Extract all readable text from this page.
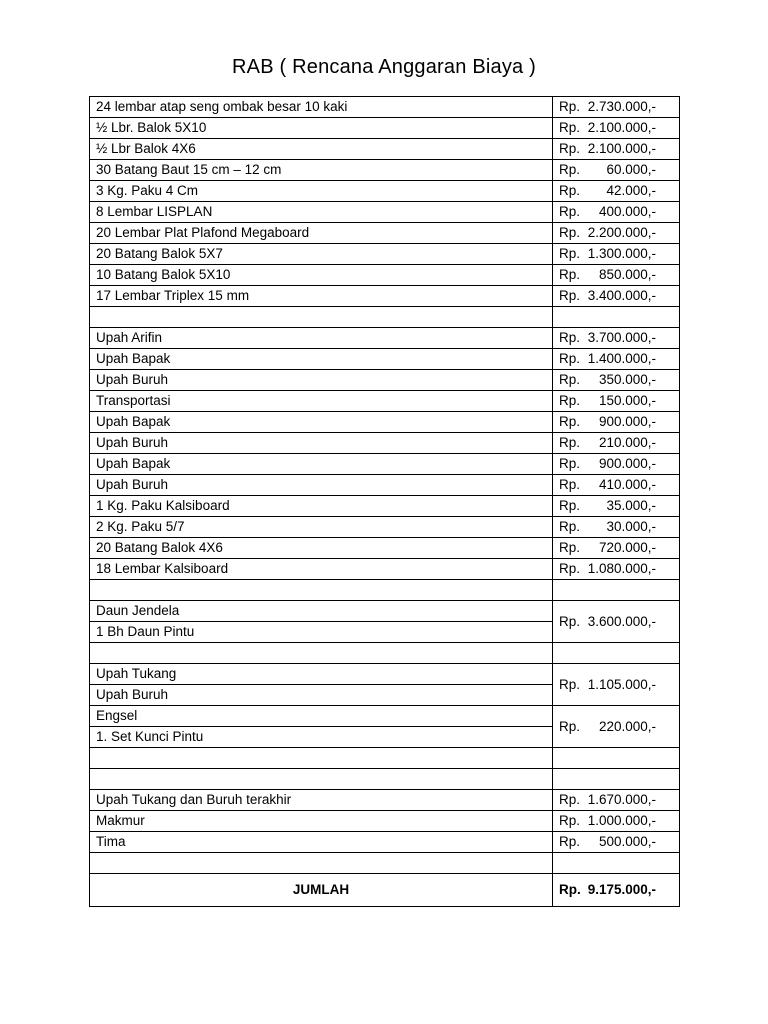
RAB ( Rencana Anggaran Biaya )
24 lembar atap seng ombak besar 10 kaki	Rp. 2.730.000,-
½ Lbr. Balok 5X10	Rp. 2.100.000,-
½ Lbr Balok 4X6	Rp. 2.100.000,-
30 Batang Baut 15 cm – 12 cm	Rp. 60.000,-
3 Kg. Paku 4 Cm	Rp. 42.000,-
8 Lembar LISPLAN	Rp. 400.000,-
20 Lembar Plat Plafond Megaboard	Rp. 2.200.000,-
20 Batang Balok 5X7	Rp. 1.300.000,-
10 Batang Balok 5X10	Rp. 850.000,-
17 Lembar Triplex 15 mm	Rp. 3.400.000,-

Upah Arifin	Rp. 3.700.000,-
Upah Bapak	Rp. 1.400.000,-
Upah Buruh	Rp. 350.000,-
Transportasi	Rp. 150.000,-
Upah Bapak	Rp. 900.000,-
Upah Buruh	Rp. 210.000,-
Upah Bapak	Rp. 900.000,-
Upah Buruh	Rp. 410.000,-
1 Kg. Paku Kalsiboard	Rp. 35.000,-
2 Kg. Paku 5/7	Rp. 30.000,-
20 Batang Balok 4X6	Rp. 720.000,-
18 Lembar Kalsiboard	Rp. 1.080.000,-

Daun Jendela	Rp. 3.600.000,-
1 Bh Daun Pintu	

Upah Tukang	Rp. 1.105.000,-
Upah Buruh	
Engsel	Rp. 220.000,-
1. Set Kunci Pintu	

Upah Tukang dan Buruh terakhir	Rp. 1.670.000,-
Makmur	Rp. 1.000.000,-
Tima	Rp. 500.000,-

JUMLAH	Rp. 9.175.000,-
